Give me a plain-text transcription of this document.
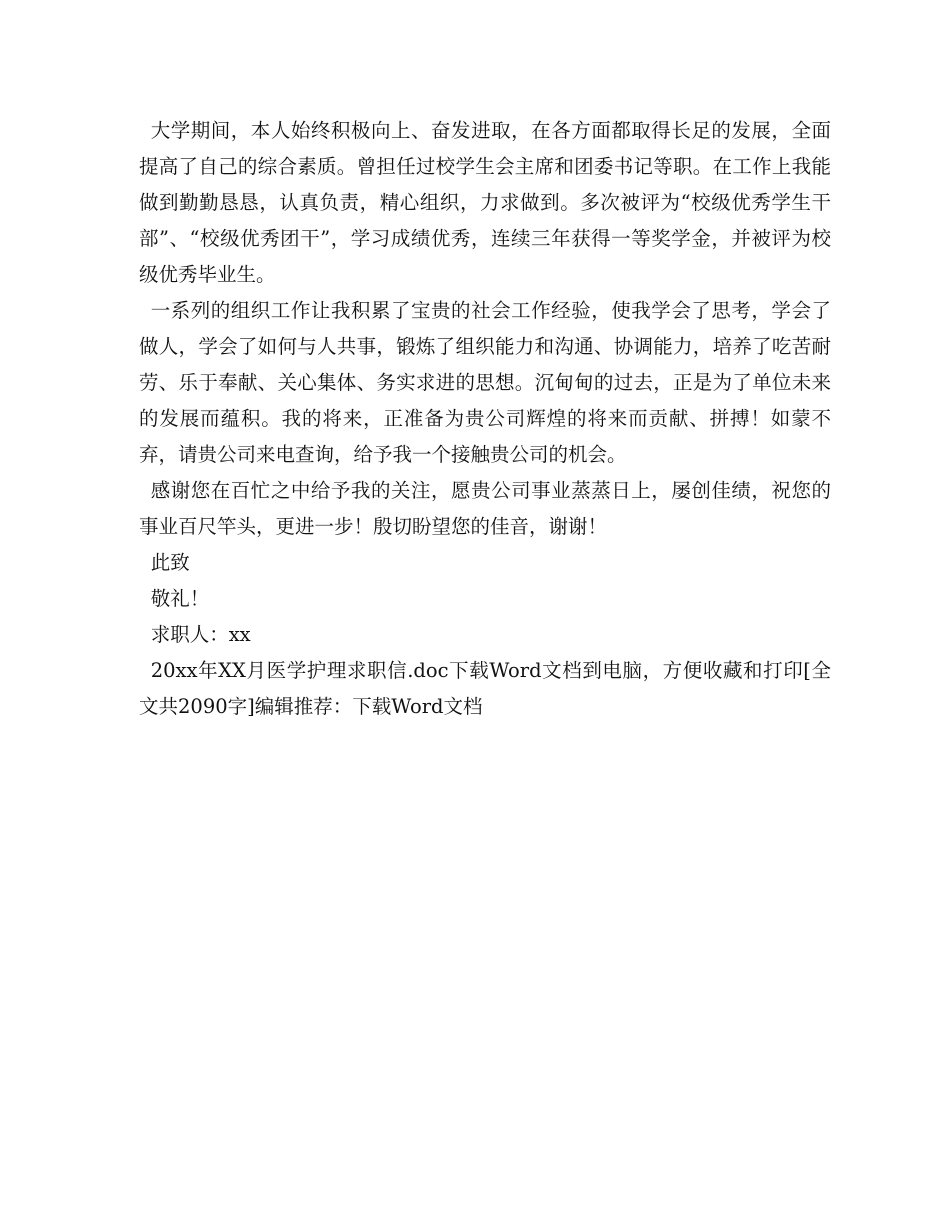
大学期间，本人始终积极向上、奋发进取，在各方面都取得长足的发展，全面提高了自己的综合素质。曾担任过校学生会主席和团委书记等职。在工作上我能做到勤勤恳恳，认真负责，精心组织，力求做到。多次被评为“校级优秀学生干部”、“校级优秀团干”，学习成绩优秀，连续三年获得一等奖学金，并被评为校级优秀毕业生。

一系列的组织工作让我积累了宝贵的社会工作经验，使我学会了思考，学会了做人，学会了如何与人共事，锻炼了组织能力和沟通、协调能力，培养了吃苦耐劳、乐于奉献、关心集体、务实求进的思想。沉甸甸的过去，正是为了单位未来的发展而蕴积。我的将来，正准备为贵公司辉煌的将来而贡献、拼搏！如蒙不弃，请贵公司来电查询，给予我一个接触贵公司的机会。

感谢您在百忙之中给予我的关注，愿贵公司事业蒸蒸日上，屡创佳绩，祝您的事业百尺竿头，更进一步！殷切盼望您的佳音，谢谢！

此致

敬礼！

求职人：xx

20xx年XX月医学护理求职信.doc下载Word文档到电脑，方便收藏和打印[全文共2090字]编辑推荐：下载Word文档
